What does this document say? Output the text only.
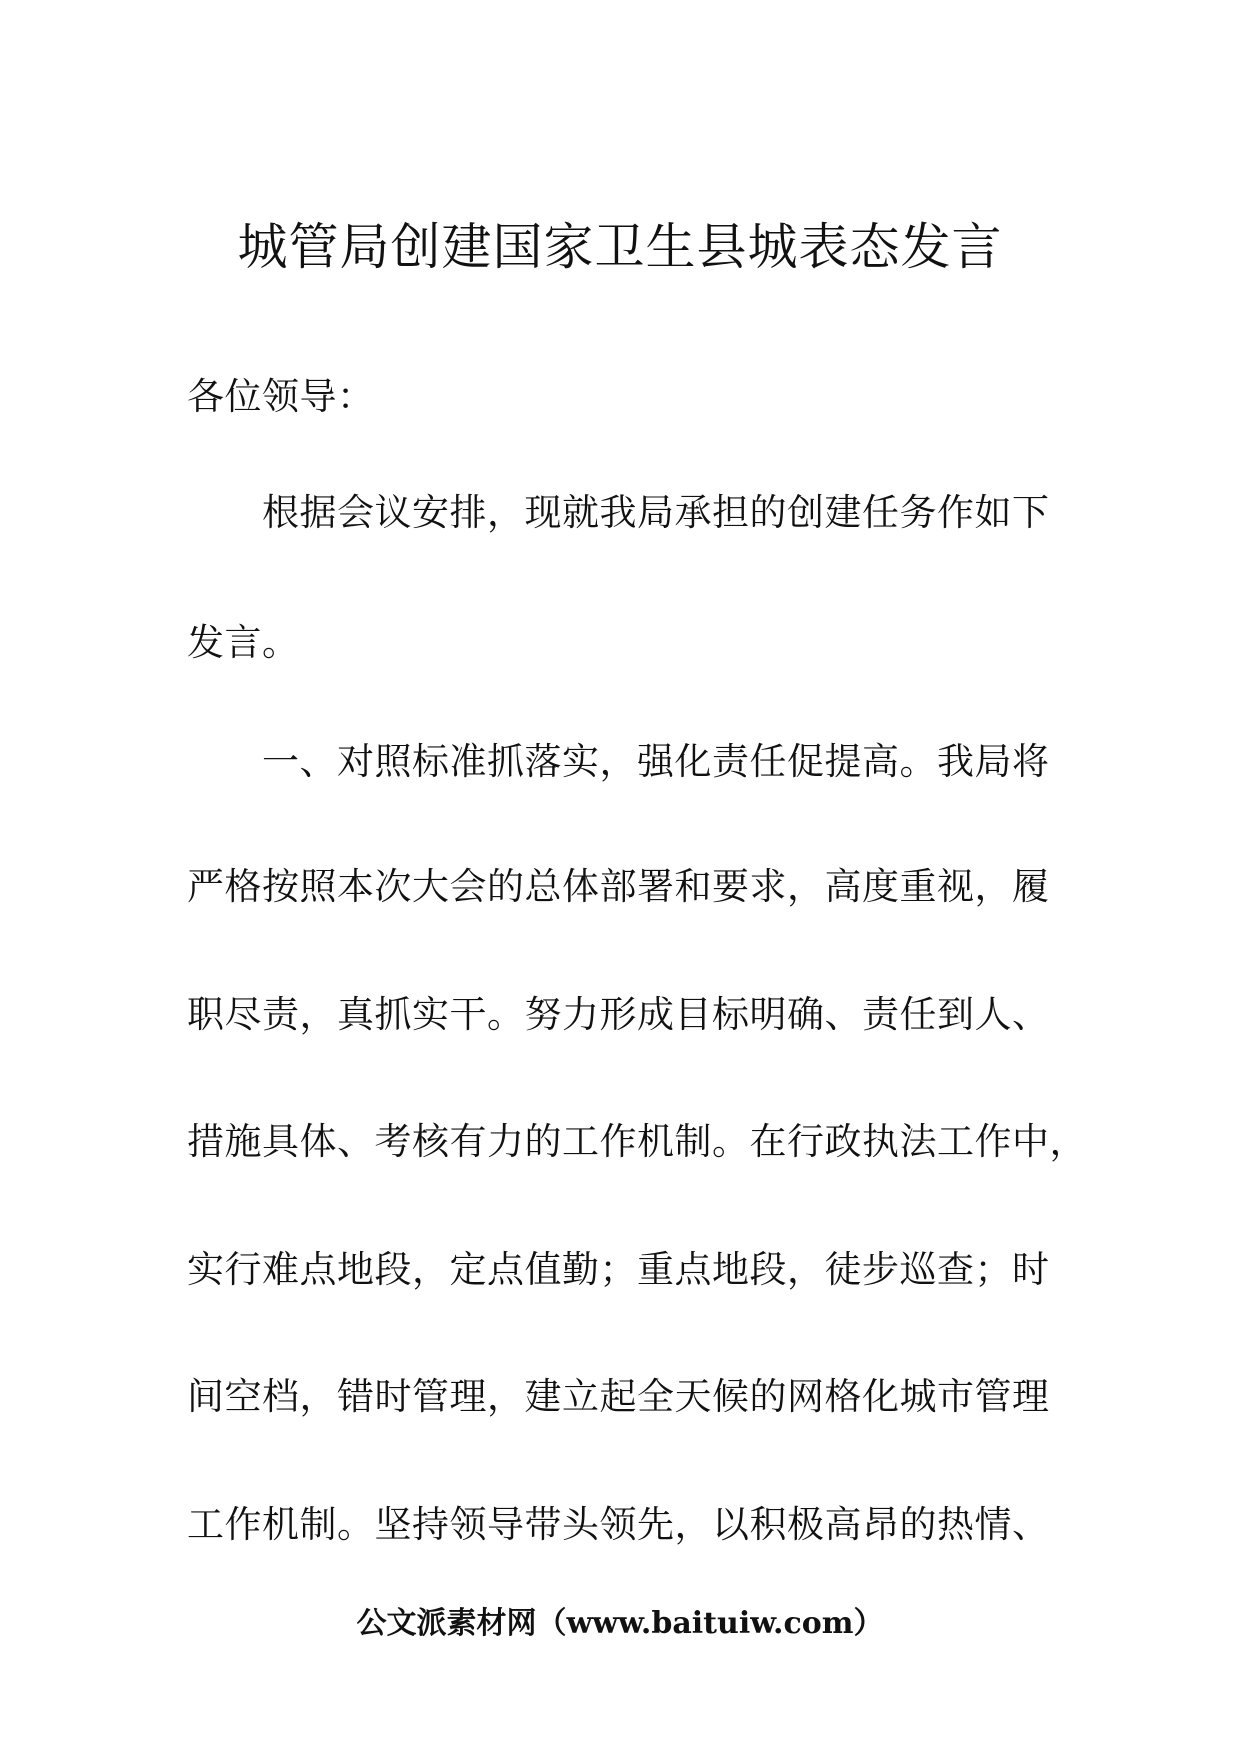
城管局创建国家卫生县城表态发言
各位领导：
根据会议安排，现就我局承担的创建任务作如下
发言。
一、对照标准抓落实，强化责任促提高。我局将
严格按照本次大会的总体部署和要求，高度重视，履
职尽责，真抓实干。努力形成目标明确、责任到人、
措施具体、考核有力的工作机制。在行政执法工作中，
实行难点地段，定点值勤；重点地段，徒步巡查；时
间空档，错时管理，建立起全天候的网格化城市管理
工作机制。坚持领导带头领先，以积极高昂的热情、
公文派素材网（www.baituiw.com）
